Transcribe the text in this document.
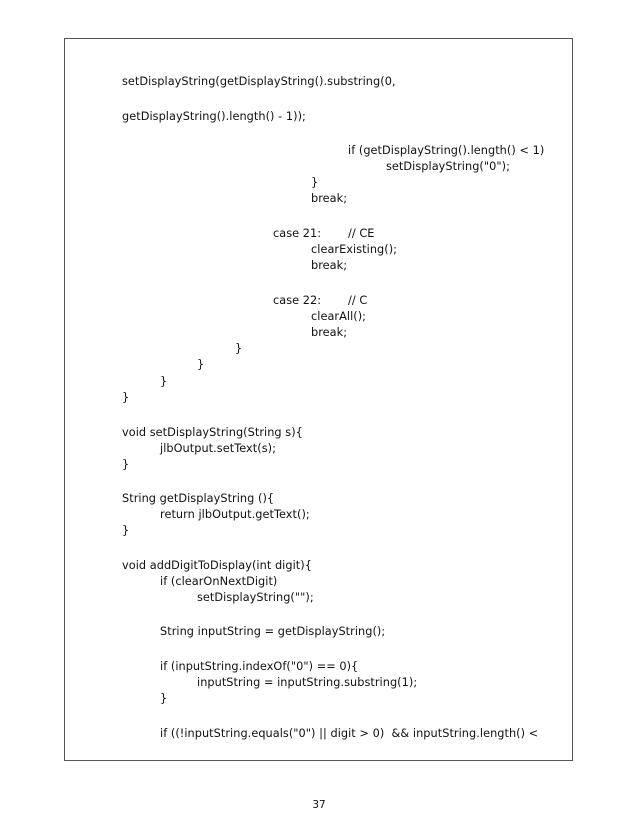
setDisplayString(getDisplayString().substring(0,
getDisplayString().length() - 1));
if (getDisplayString().length() < 1)
setDisplayString("0");
}
break;
case 21: // CE
clearExisting();
break;
case 22: // C
clearAll();
break;
}
}
}
}
void setDisplayString(String s){
jlbOutput.setText(s);
}
String getDisplayString (){
return jlbOutput.getText();
}
void addDigitToDisplay(int digit){
if (clearOnNextDigit)
setDisplayString("");
String inputString = getDisplayString();
if (inputString.indexOf("0") == 0){
inputString = inputString.substring(1);
}
if ((!inputString.equals("0") || digit > 0)  && inputString.length() <
37
